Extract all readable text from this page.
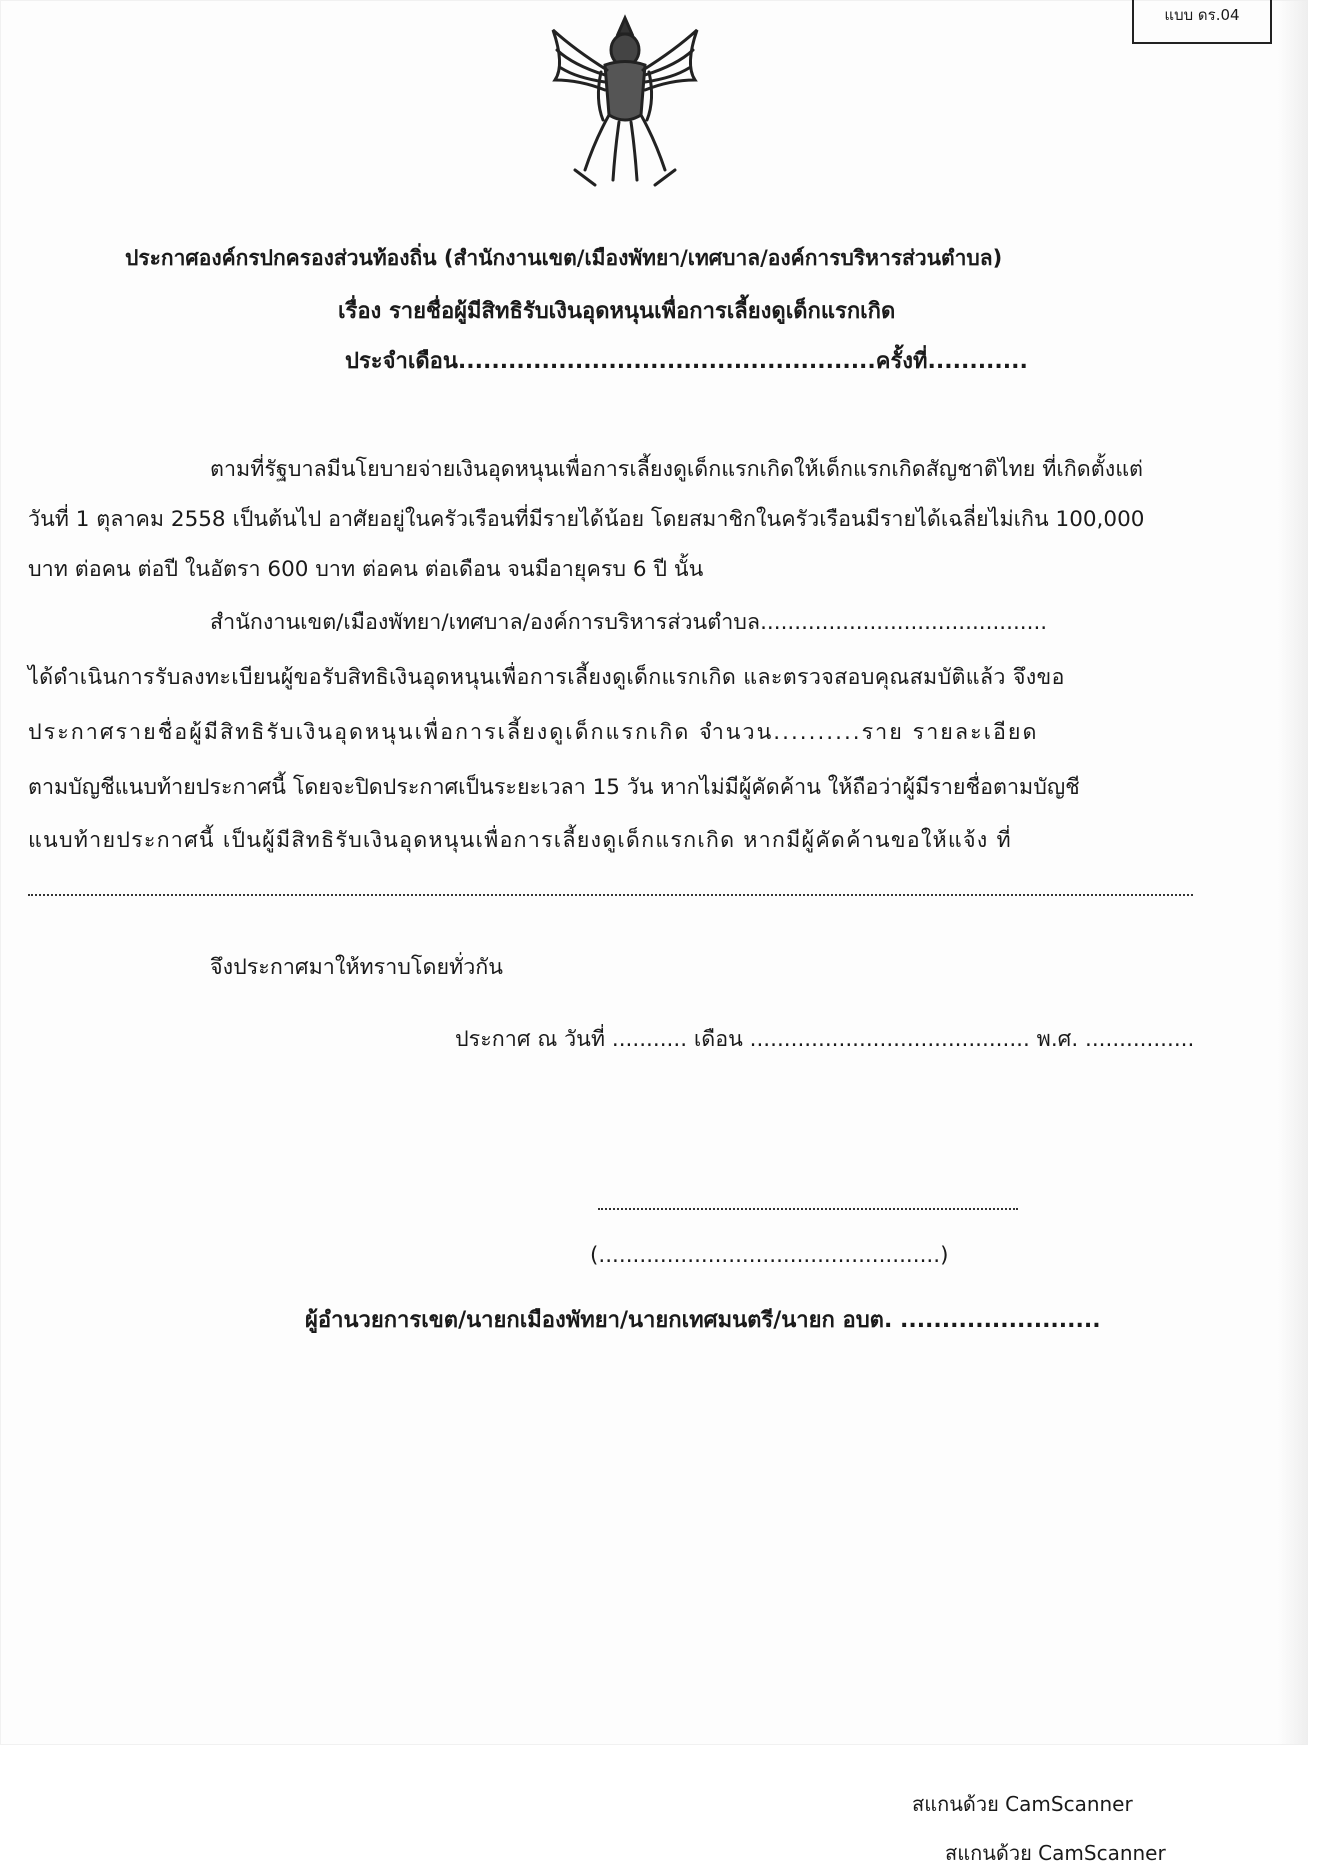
แบบ ดร.04
ประกาศองค์กรปกครองส่วนท้องถิ่น (สำนักงานเขต/เมืองพัทยา/เทศบาล/องค์การบริหารส่วนตำบล)
เรื่อง รายชื่อผู้มีสิทธิรับเงินอุดหนุนเพื่อการเลี้ยงดูเด็กแรกเกิด
ประจำเดือน..................................................ครั้งที่............
ตามที่รัฐบาลมีนโยบายจ่ายเงินอุดหนุนเพื่อการเลี้ยงดูเด็กแรกเกิดให้เด็กแรกเกิดสัญชาติไทย ที่เกิดตั้งแต่
วันที่ 1 ตุลาคม 2558 เป็นต้นไป อาศัยอยู่ในครัวเรือนที่มีรายได้น้อย โดยสมาชิกในครัวเรือนมีรายได้เฉลี่ยไม่เกิน 100,000
บาท ต่อคน ต่อปี ในอัตรา 600 บาท ต่อคน ต่อเดือน จนมีอายุครบ 6 ปี นั้น
สำนักงานเขต/เมืองพัทยา/เทศบาล/องค์การบริหารส่วนตำบล..........................................
ได้ดำเนินการรับลงทะเบียนผู้ขอรับสิทธิเงินอุดหนุนเพื่อการเลี้ยงดูเด็กแรกเกิด และตรวจสอบคุณสมบัติแล้ว จึงขอ
ประกาศรายชื่อผู้มีสิทธิรับเงินอุดหนุนเพื่อการเลี้ยงดูเด็กแรกเกิด จำนวน..........ราย รายละเอียด
ตามบัญชีแนบท้ายประกาศนี้ โดยจะปิดประกาศเป็นระยะเวลา 15 วัน หากไม่มีผู้คัดค้าน ให้ถือว่าผู้มีรายชื่อตามบัญชี
แนบท้ายประกาศนี้ เป็นผู้มีสิทธิรับเงินอุดหนุนเพื่อการเลี้ยงดูเด็กแรกเกิด หากมีผู้คัดค้านขอให้แจ้ง ที่
จึงประกาศมาให้ทราบโดยทั่วกัน
ประกาศ ณ วันที่ ........... เดือน ......................................... พ.ศ. ................
(..................................................)
ผู้อำนวยการเขต/นายกเมืองพัทยา/นายกเทศมนตรี/นายก อบต. ........................
สแกนด้วย CamScanner
สแกนด้วย CamScanner
